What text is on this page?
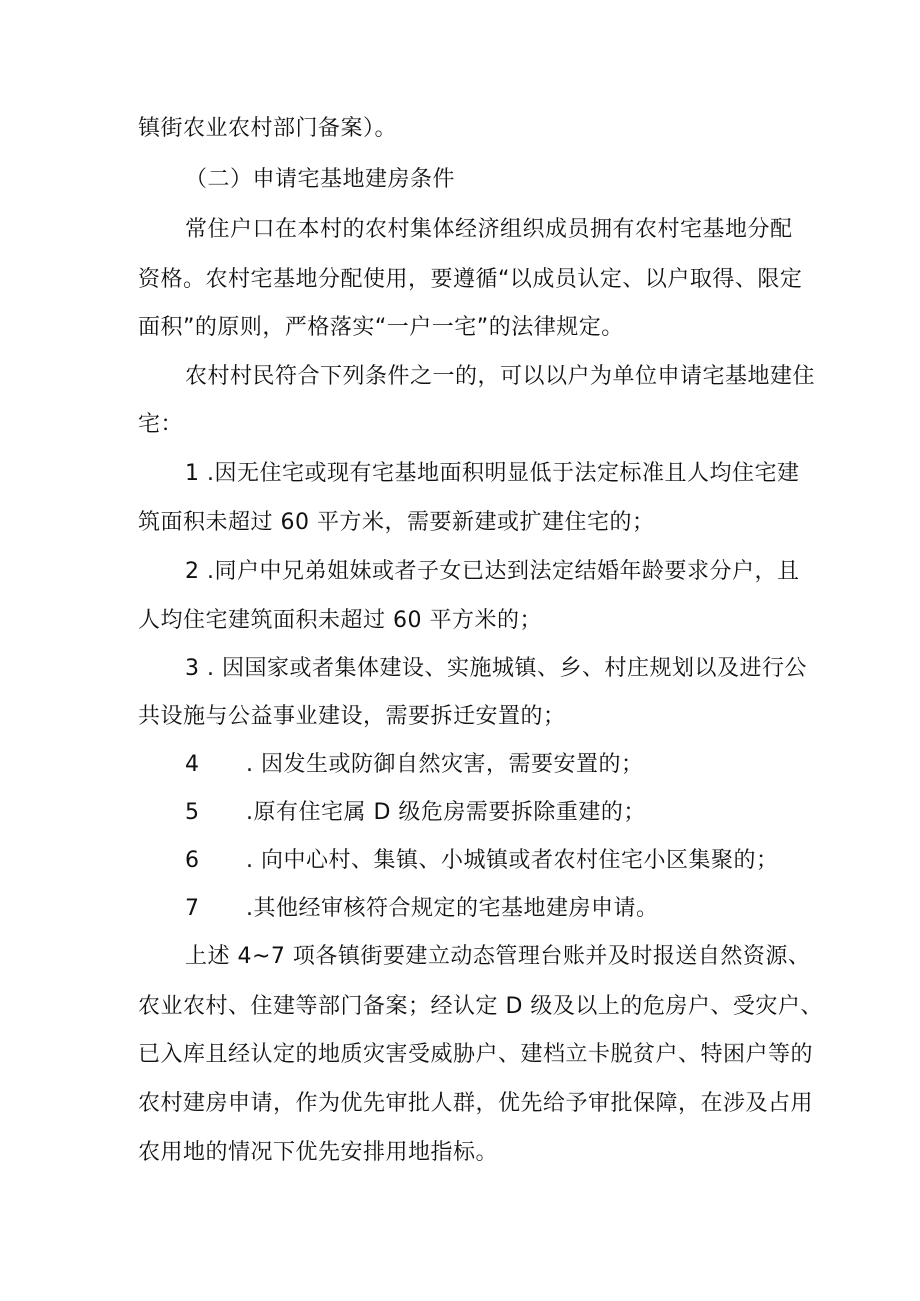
镇街农业农村部门备案）。
（二）申请宅基地建房条件
常住户口在本村的农村集体经济组织成员拥有农村宅基地分配
资格。农村宅基地分配使用，要遵循“以成员认定、以户取得、限定
面积”的原则，严格落实“一户一宅”的法律规定。
农村村民符合下列条件之一的，可以以户为单位申请宅基地建住
宅：
1 .因无住宅或现有宅基地面积明显低于法定标准且人均住宅建
筑面积未超过 60 平方米，需要新建或扩建住宅的；
2 .同户中兄弟姐妹或者子女已达到法定结婚年龄要求分户，且
人均住宅建筑面积未超过 60 平方米的；
3 . 因国家或者集体建设、实施城镇、乡、村庄规划以及进行公
共设施与公益事业建设，需要拆迁安置的；
4 . 因发生或防御自然灾害，需要安置的；
5 .原有住宅属 D 级危房需要拆除重建的；
6 . 向中心村、集镇、小城镇或者农村住宅小区集聚的；
7 .其他经审核符合规定的宅基地建房申请。
上述 4~7 项各镇街要建立动态管理台账并及时报送自然资源、
农业农村、住建等部门备案；经认定 D 级及以上的危房户、受灾户、
已入库且经认定的地质灾害受威胁户、建档立卡脱贫户、特困户等的
农村建房申请，作为优先审批人群，优先给予审批保障，在涉及占用
农用地的情况下优先安排用地指标。
